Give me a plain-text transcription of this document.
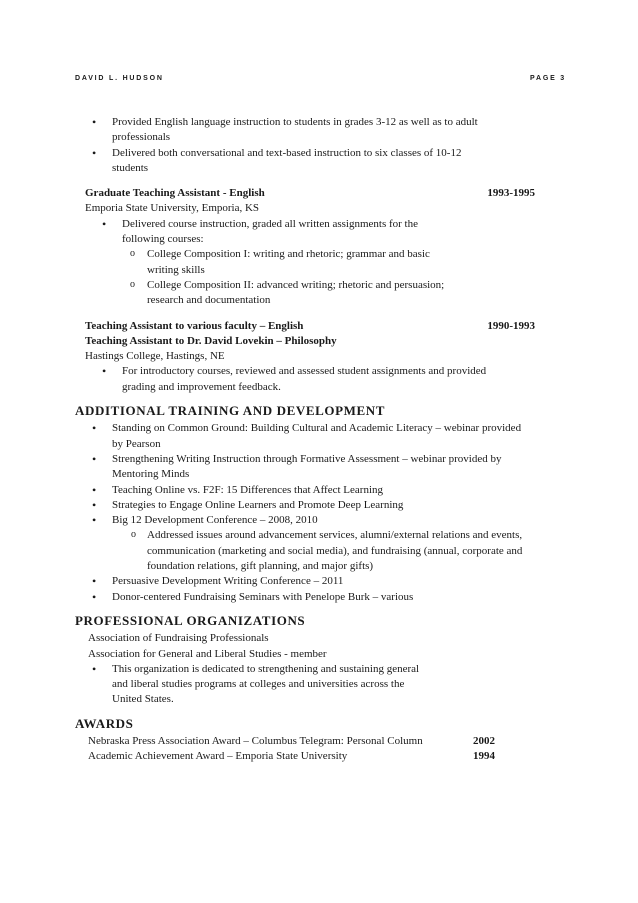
DAVID L. HUDSON	PAGE 3
• Provided English language instruction to students in grades 3-12 as well as to adult professionals
• Delivered both conversational and text-based instruction to six classes of 10-12 students
Graduate Teaching Assistant - English	1993-1995
Emporia State University, Emporia, KS
• Delivered course instruction, graded all written assignments for the following courses:
o College Composition I: writing and rhetoric; grammar and basic writing skills
o College Composition II: advanced writing; rhetoric and persuasion; research and documentation
Teaching Assistant to various faculty – English	1990-1993
Teaching Assistant to Dr. David Lovekin – Philosophy
Hastings College, Hastings, NE
• For introductory courses, reviewed and assessed student assignments and provided grading and improvement feedback.
ADDITIONAL TRAINING AND DEVELOPMENT
• Standing on Common Ground: Building Cultural and Academic Literacy – webinar provided by Pearson
• Strengthening Writing Instruction through Formative Assessment – webinar provided by Mentoring Minds
• Teaching Online vs. F2F: 15 Differences that Affect Learning
• Strategies to Engage Online Learners and Promote Deep Learning
• Big 12 Development Conference – 2008, 2010
o Addressed issues around advancement services, alumni/external relations and events, communication (marketing and social media), and fundraising (annual, corporate and foundation relations, gift planning, and major gifts)
• Persuasive Development Writing Conference – 2011
• Donor-centered Fundraising Seminars with Penelope Burk – various
PROFESSIONAL ORGANIZATIONS
Association of Fundraising Professionals
Association for General and Liberal Studies - member
• This organization is dedicated to strengthening and sustaining general and liberal studies programs at colleges and universities across the United States.
AWARDS
Nebraska Press Association Award – Columbus Telegram: Personal Column	2002
Academic Achievement Award – Emporia State University	1994
